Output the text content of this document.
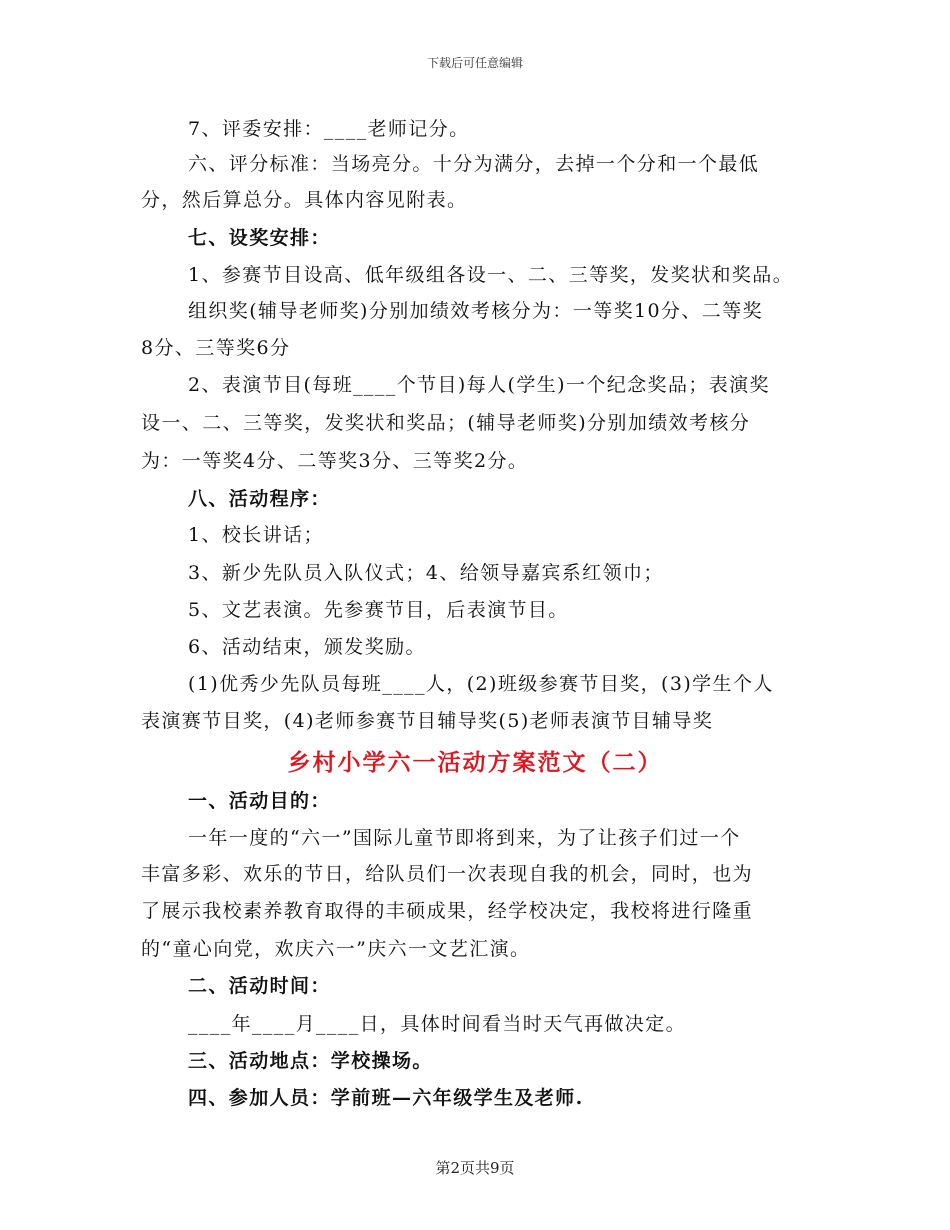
下载后可任意编辑
7、评委安排：____老师记分。
六、评分标准：当场亮分。十分为满分，去掉一个分和一个最低
分，然后算总分。具体内容见附表。
七、设奖安排：
1、参赛节目设高、低年级组各设一、二、三等奖，发奖状和奖品。
组织奖(辅导老师奖)分别加绩效考核分为：一等奖10分、二等奖
8分、三等奖6分
2、表演节目(每班____个节目)每人(学生)一个纪念奖品；表演奖
设一、二、三等奖，发奖状和奖品；(辅导老师奖)分别加绩效考核分
为：一等奖4分、二等奖3分、三等奖2分。
八、活动程序：
1、校长讲话；
3、新少先队员入队仪式；4、给领导嘉宾系红领巾；
5、文艺表演。先参赛节目，后表演节目。
6、活动结束，颁发奖励。
(1)优秀少先队员每班____人，(2)班级参赛节目奖，(3)学生个人
表演赛节目奖，(4)老师参赛节目辅导奖(5)老师表演节目辅导奖
乡村小学六一活动方案范文（二）
一、活动目的：
一年一度的“六一”国际儿童节即将到来，为了让孩子们过一个
丰富多彩、欢乐的节日，给队员们一次表现自我的机会，同时，也为
了展示我校素养教育取得的丰硕成果，经学校决定，我校将进行隆重
的“童心向党，欢庆六一”庆六一文艺汇演。
二、活动时间：
____年____月____日，具体时间看当时天气再做决定。
三、活动地点：学校操场。
四、参加人员：学前班—六年级学生及老师.
第2页共9页
